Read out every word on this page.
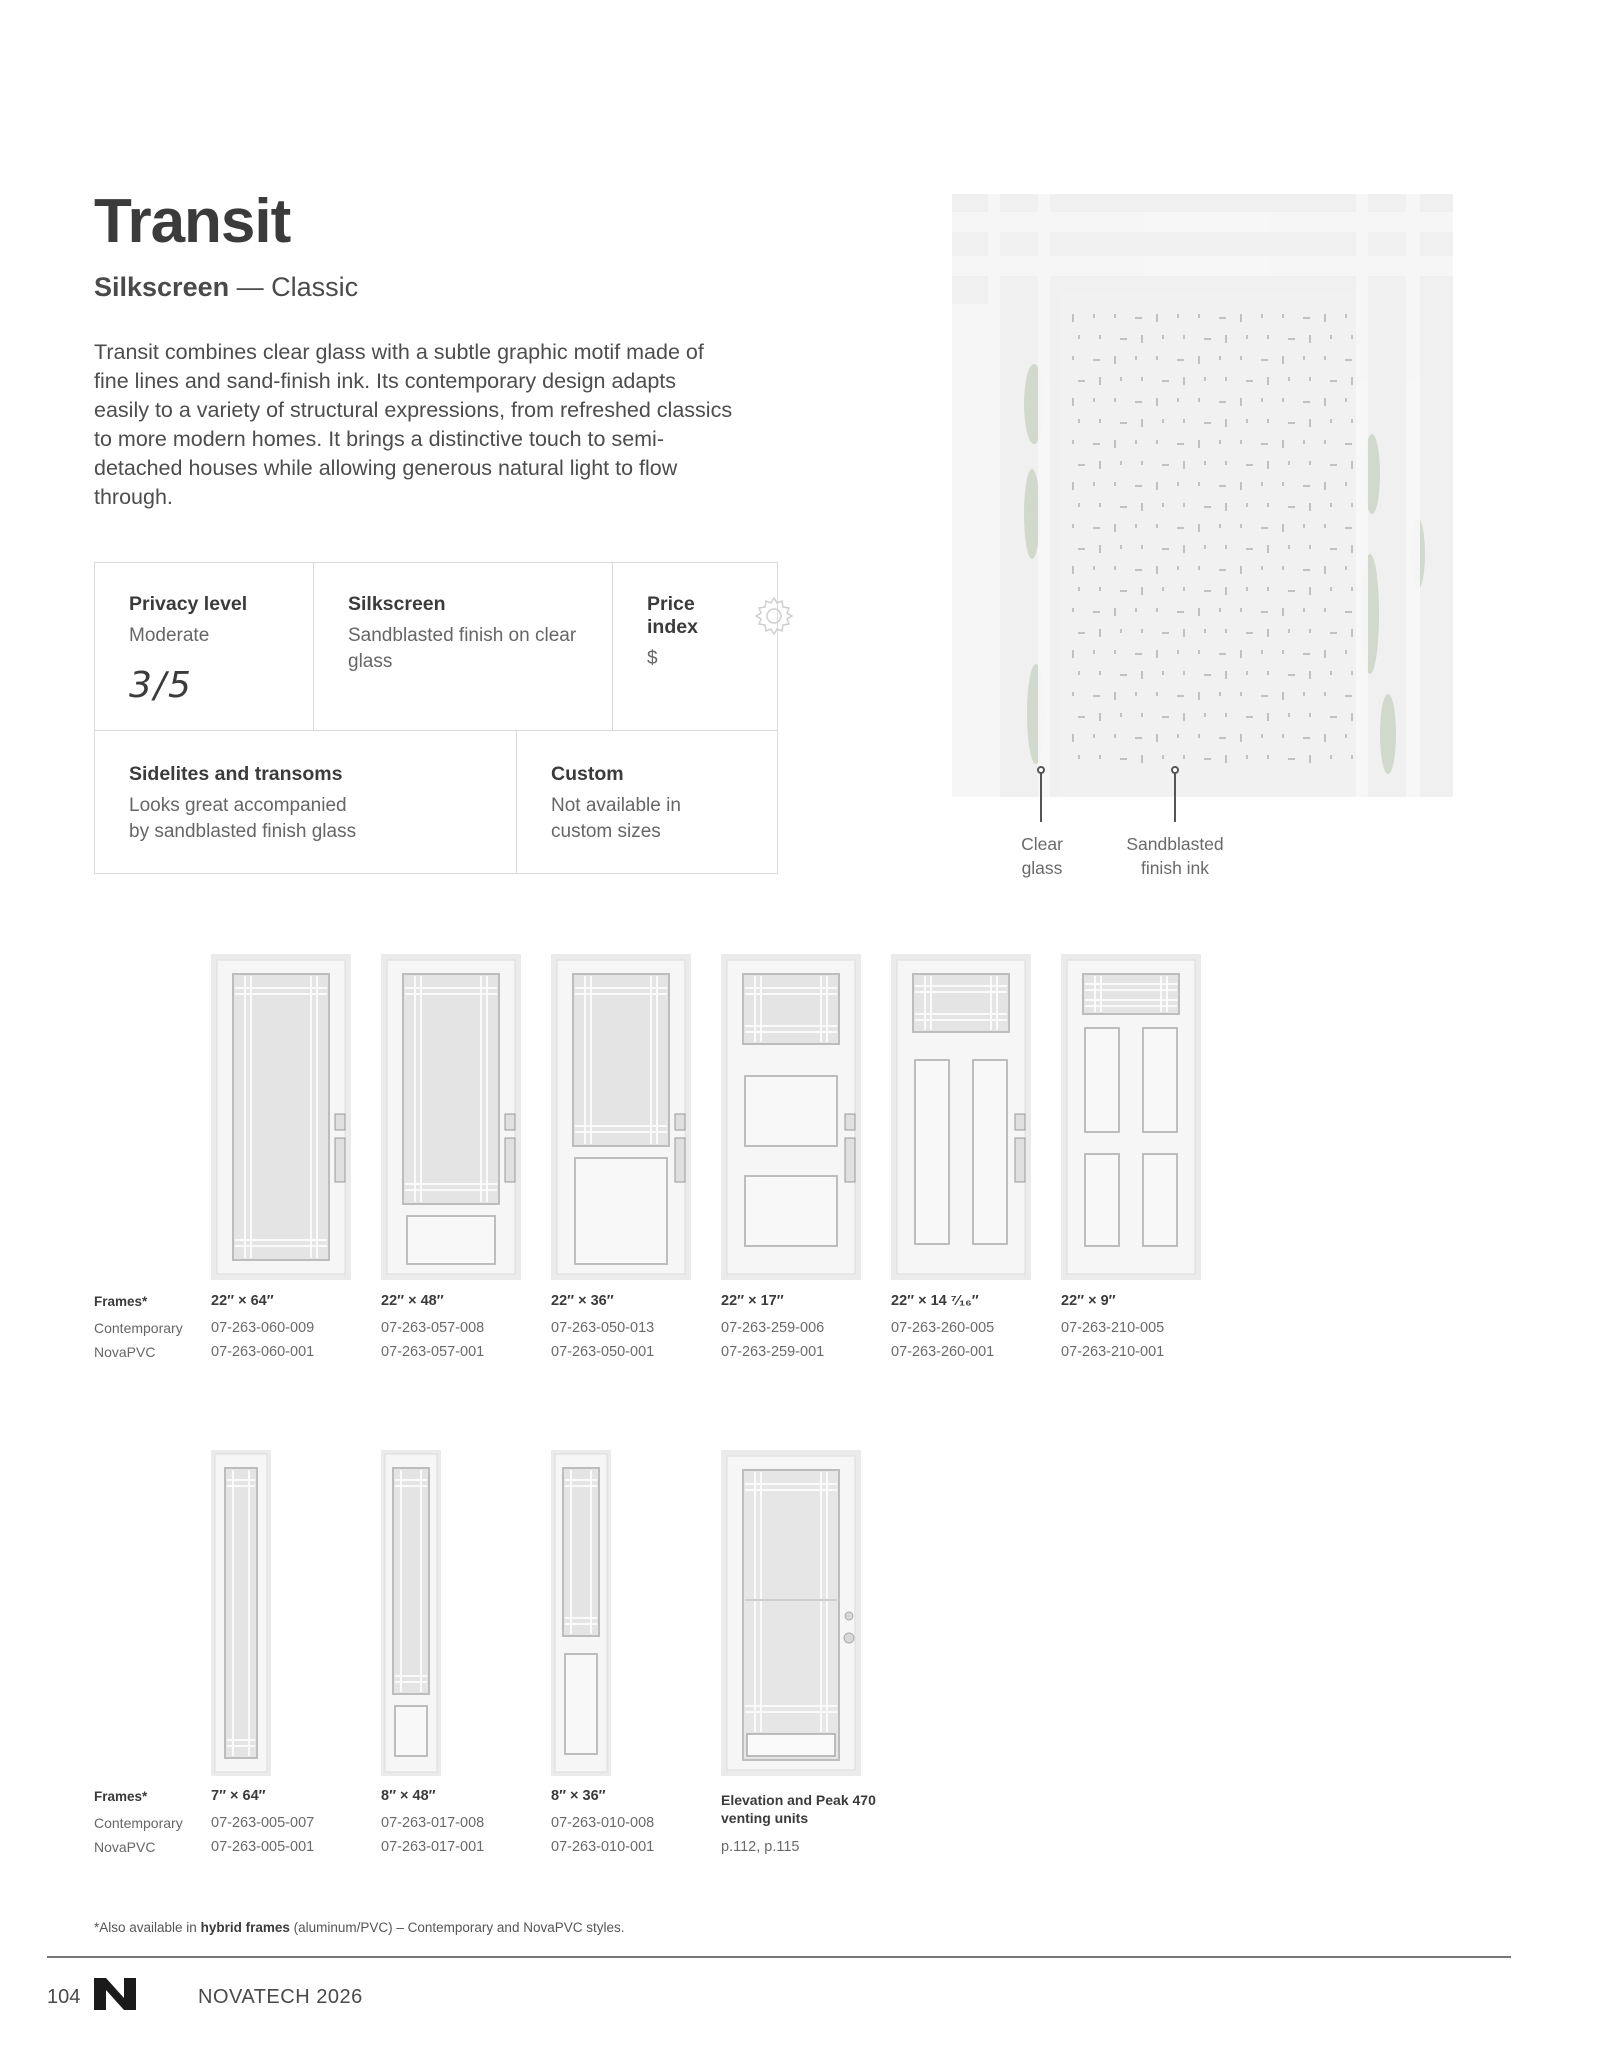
Transit
Silkscreen — Classic
Transit combines clear glass with a subtle graphic motif made of fine lines and sand-finish ink. Its contemporary design adapts easily to a variety of structural expressions, from refreshed classics to more modern homes. It brings a distinctive touch to semi-detached houses while allowing generous natural light to flow through.
Privacy level

Moderate

3/5
Silkscreen

Sandblasted finish on clear glass

Price index

$

Sidelites and transoms

Looks great accompanied by sandblasted finish glass

Custom

Not available in custom sizes

Clear glass
Sandblasted finish ink
Frames*
Contemporary
NovaPVC
22″ × 64″
07-263-060-009
07-263-060-001
22″ × 48″
07-263-057-008
07-263-057-001
22″ × 36″
07-263-050-013
07-263-050-001
22″ × 17″
07-263-259-006
07-263-259-001
22″ × 14 ⁷⁄₁₆″
07-263-260-005
07-263-260-001
22″ × 9″
07-263-210-005
07-263-210-001
Frames*
Contemporary
NovaPVC
7″ × 64″
07-263-005-007
07-263-005-001
8″ × 48″
07-263-017-008
07-263-017-001
8″ × 36″
07-263-010-008
07-263-010-001
Elevation and Peak 470 venting units
p.112, p.115
*Also available in hybrid frames (aluminum/PVC) – Contemporary and NovaPVC styles.
104	NOVATECH 2026
